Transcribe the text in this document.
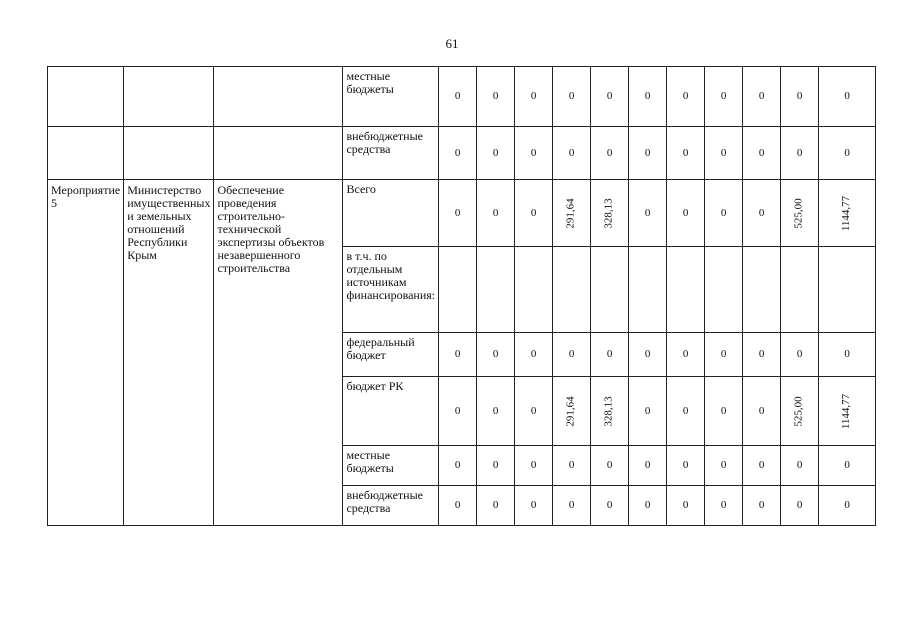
61
			местные бюджеты	0	0	0	0	0	0	0	0	0	0	0
			внебюджетные средства	0	0	0	0	0	0	0	0	0	0	0
Мероприятие 5	Министерство имущественных и земельных отношений Республики Крым	Обеспечение проведения строительно-технической экспертизы объектов незавершенного строительства	Всего	0	0	0	291,64	328,13	0	0	0	0	525,00	1144,77
			в т.ч. по отдельным источникам финансирования:											
			федеральный бюджет	0	0	0	0	0	0	0	0	0	0	0
			бюджет РК	0	0	0	291,64	328,13	0	0	0	0	525,00	1144,77
			местные бюджеты	0	0	0	0	0	0	0	0	0	0	0
			внебюджетные средства	0	0	0	0	0	0	0	0	0	0	0
